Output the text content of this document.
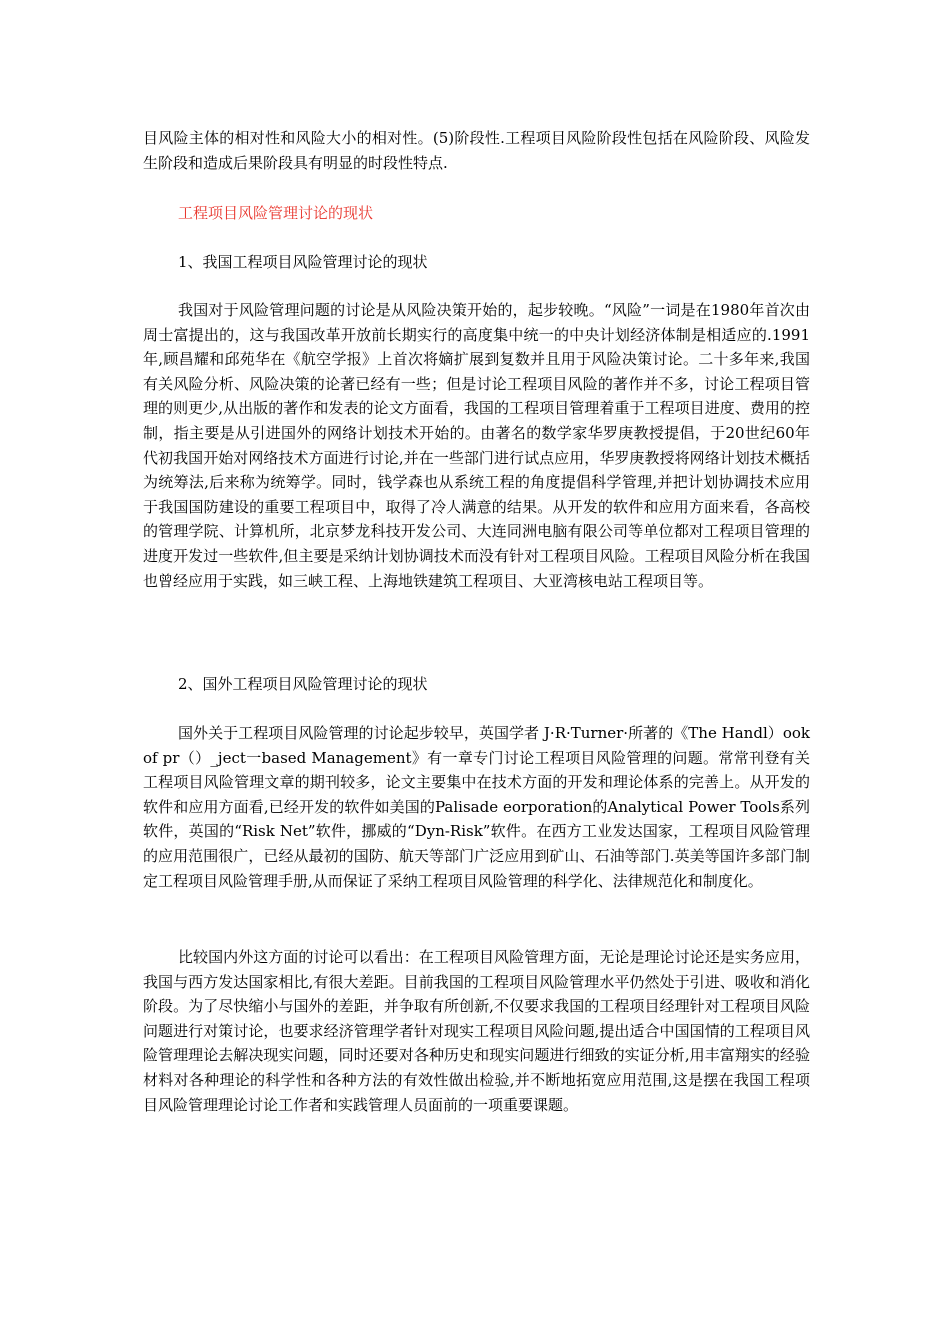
目风险主体的相对性和风险大小的相对性。(5)阶段性.工程项目风险阶段性包括在风险阶段、风险发生阶段和造成后果阶段具有明显的时段性特点.

工程项目风险管理讨论的现状

1、我国工程项目风险管理讨论的现状

我国对于风险管理问题的讨论是从风险决策开始的，起步较晚。“风险”一词是在1980年首次由周士富提出的，这与我国改革开放前长期实行的高度集中统一的中央计划经济体制是相适应的.1991年,顾昌耀和邱苑华在《航空学报》上首次将嫡扩展到复数并且用于风险决策讨论。二十多年来,我国有关风险分析、风险决策的论著已经有一些；但是讨论工程项目风险的著作并不多，讨论工程项目管理的则更少,从出版的著作和发表的论文方面看，我国的工程项目管理着重于工程项目进度、费用的控制，指主要是从引进国外的网络计划技术开始的。由著名的数学家华罗庚教授提倡，于20世纪60年代初我国开始对网络技术方面进行讨论,并在一些部门进行试点应用，华罗庚教授将网络计划技术概括为统筹法,后来称为统筹学。同时，钱学森也从系统工程的角度提倡科学管理,并把计划协调技术应用于我国国防建设的重要工程项目中，取得了冷人满意的结果。从开发的软件和应用方面来看，各高校的管理学院、计算机所，北京梦龙科技开发公司、大连同洲电脑有限公司等单位都对工程项目管理的进度开发过一些软件,但主要是采纳计划协调技术而没有针对工程项目风险。工程项目风险分析在我国也曾经应用于实践，如三峡工程、上海地铁建筑工程项目、大亚湾核电站工程项目等。

2、国外工程项目风险管理讨论的现状

国外关于工程项目风险管理的讨论起步较早，英国学者 J·R·Turner·所著的《The Handl）ook of pr（）_ject一based Management》有一章专门讨论工程项目风险管理的问题。常常刊登有关工程项目风险管理文章的期刊较多，论文主要集中在技术方面的开发和理论体系的完善上。从开发的软件和应用方面看,已经开发的软件如美国的Palisade eorporation的Analytical Power Tools系列软件，英国的“Risk Net”软件，挪威的“Dyn-Risk”软件。在西方工业发达国家，工程项目风险管理的应用范围很广，已经从最初的国防、航天等部门广泛应用到矿山、石油等部门.英美等国许多部门制定工程项目风险管理手册,从而保证了采纳工程项目风险管理的科学化、法律规范化和制度化。

比较国内外这方面的讨论可以看出：在工程项目风险管理方面，无论是理论讨论还是实务应用，我国与西方发达国家相比,有很大差距。目前我国的工程项目风险管理水平仍然处于引进、吸收和消化阶段。为了尽快缩小与国外的差距，并争取有所创新,不仅要求我国的工程项目经理针对工程项目风险问题进行对策讨论，也要求经济管理学者针对现实工程项目风险问题,提出适合中国国情的工程项目风险管理理论去解决现实问题，同时还要对各种历史和现实问题进行细致的实证分析,用丰富翔实的经验材料对各种理论的科学性和各种方法的有效性做出检验,并不断地拓宽应用范围,这是摆在我国工程项目风险管理理论讨论工作者和实践管理人员面前的一项重要课题。
